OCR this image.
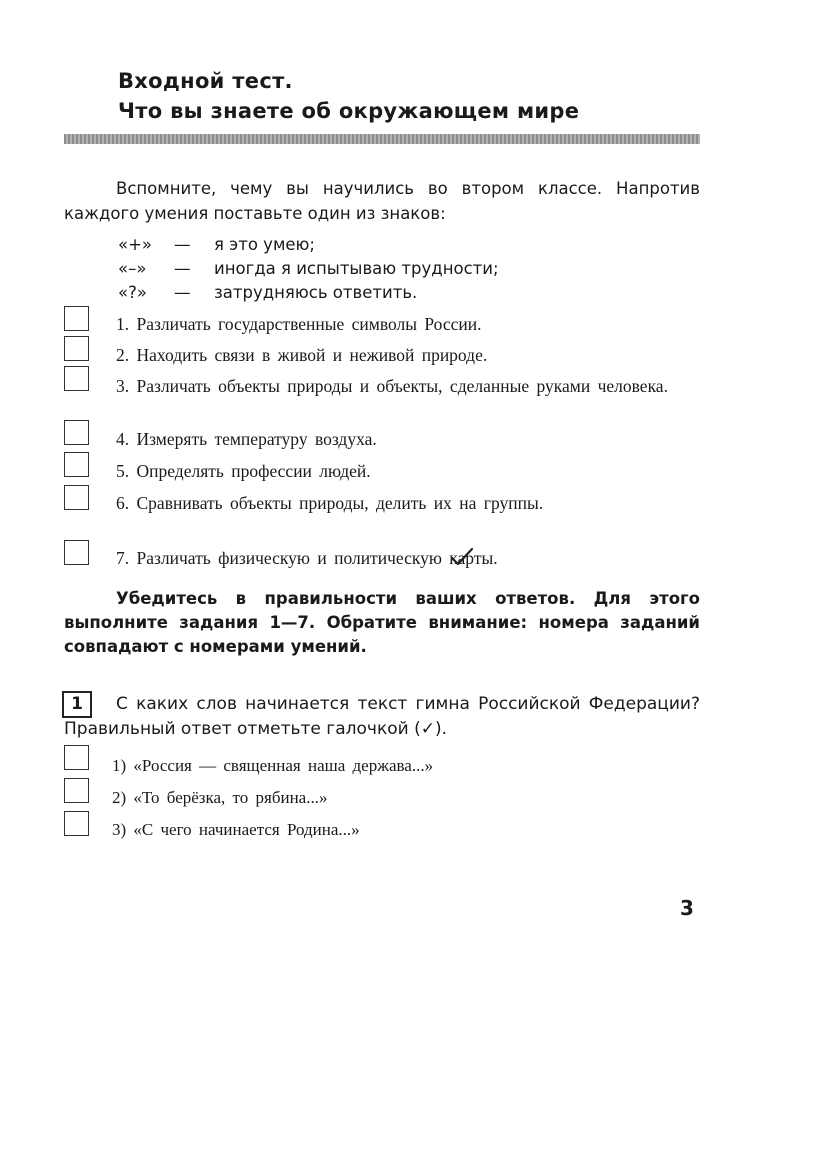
Входной тест.
Что вы знаете об окружающем мире
Вспомните, чему вы научились во втором классе. Напротив каждого умения поставьте один из знаков:
«+» — я это умею;
«–» — иногда я испытываю трудности;
«?» — затрудняюсь ответить.
1. Различать государственные символы России.
2. Находить связи в живой и неживой природе.
3. Различать объекты природы и объекты, сделанные руками человека.
4. Измерять температуру воздуха.
5. Определять профессии людей.
6. Сравнивать объекты природы, делить их на группы.
7. Различать физическую и политическую карты.
Убедитесь в правильности ваших ответов. Для этого выполните задания 1—7. Обратите внимание: номера заданий совпадают с номерами умений.
1	С каких слов начинается текст гимна Российской Федерации? Правильный ответ отметьте галочкой (✓).
1) «Россия — священная наша держава...»
2) «То берёзка, то рябина...»
3) «С чего начинается Родина...»
3
